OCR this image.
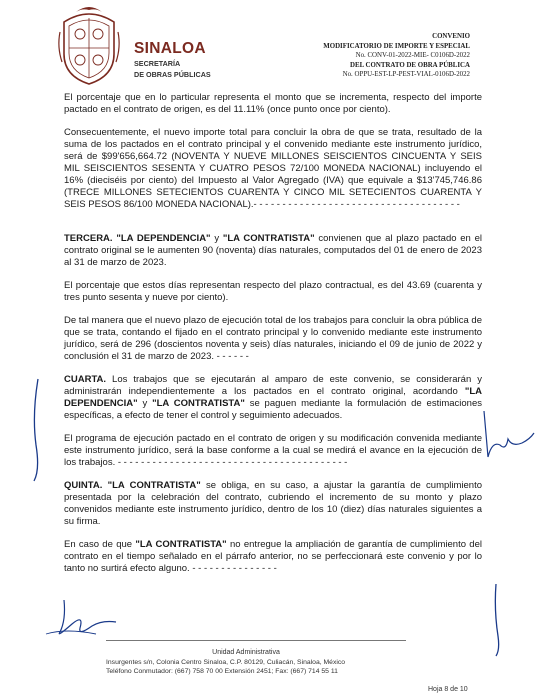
SINALOA
SECRETARÍA
DE OBRAS PÚBLICAS
CONVENIO
MODIFICATORIO DE IMPORTE Y ESPECIAL
No. CONV-01-2022-MIE- C0106D-2022
DEL CONTRATO DE OBRA PÚBLICA
No. OPPU-EST-LP-PEST-VIAL-0106D-2022

El porcentaje que en lo particular representa el monto que se incrementa, respecto del importe pactado en el contrato de origen, es del 11.11% (once punto once por ciento).

Consecuentemente, el nuevo importe total para concluir la obra de que se trata, resultado de la suma de los pactados en el contrato principal y el convenido mediante este instrumento jurídico, será de $99'656,664.72 (NOVENTA Y NUEVE MILLONES SEISCIENTOS CINCUENTA Y SEIS MIL SEISCIENTOS SESENTA Y CUATRO PESOS 72/100 MONEDA NACIONAL) incluyendo el 16% (dieciséis por ciento) del Impuesto al Valor Agregado (IVA) que equivale a $13'745,746.86 (TRECE MILLONES SETECIENTOS CUARENTA Y CINCO MIL SETECIENTOS CUARENTA Y SEIS PESOS 86/100 MONEDA NACIONAL).- - - - - - - - - - - - - - - - - - - - - - - - - - - - - - - - - - - -

TERCERA. "LA DEPENDENCIA" y "LA CONTRATISTA" convienen que al plazo pactado en el contrato original se le aumenten 90 (noventa) días naturales, computados del 01 de enero de 2023 al 31 de marzo de 2023.

El porcentaje que estos días representan respecto del plazo contractual, es del 43.69 (cuarenta y tres punto sesenta y nueve por ciento).

De tal manera que el nuevo plazo de ejecución total de los trabajos para concluir la obra pública de que se trata, contando el fijado en el contrato principal y lo convenido mediante este instrumento jurídico, será de 296 (doscientos noventa y seis) días naturales, iniciando el 09 de junio de 2022 y conclusión el 31 de marzo de 2023. - - - - - -

CUARTA. Los trabajos que se ejecutarán al amparo de este convenio, se considerarán y administrarán independientemente a los pactados en el contrato original, acordando "LA DEPENDENCIA" y "LA CONTRATISTA" se paguen mediante la formulación de estimaciones específicas, a efecto de tener el control y seguimiento adecuados.

El programa de ejecución pactado en el contrato de origen y su modificación convenida mediante este instrumento jurídico, será la base conforme a la cual se medirá el avance en la ejecución de los trabajos. - - - - - - - - - - - - - - - - - - - - - - - - - - - - - - - - - - - - - - - -

QUINTA. "LA CONTRATISTA" se obliga, en su caso, a ajustar la garantía de cumplimiento presentada por la celebración del contrato, cubriendo el incremento de su monto y plazo convenidos mediante este instrumento jurídico, dentro de los 10 (diez) días naturales siguientes a su firma.

En caso de que "LA CONTRATISTA" no entregue la ampliación de garantía de cumplimiento del contrato en el tiempo señalado en el párrafo anterior, no se perfeccionará este convenio y por lo tanto no surtirá efecto alguno. - - - - - - - - - - - - - - -

Unidad Administrativa
Insurgentes s/n, Colonia Centro Sinaloa, C.P. 80129, Culiacán, Sinaloa, México
Teléfono Conmutador: (667) 758 70 00 Extensión 2451; Fax: (667) 714 55 11
Hoja 8 de 10
